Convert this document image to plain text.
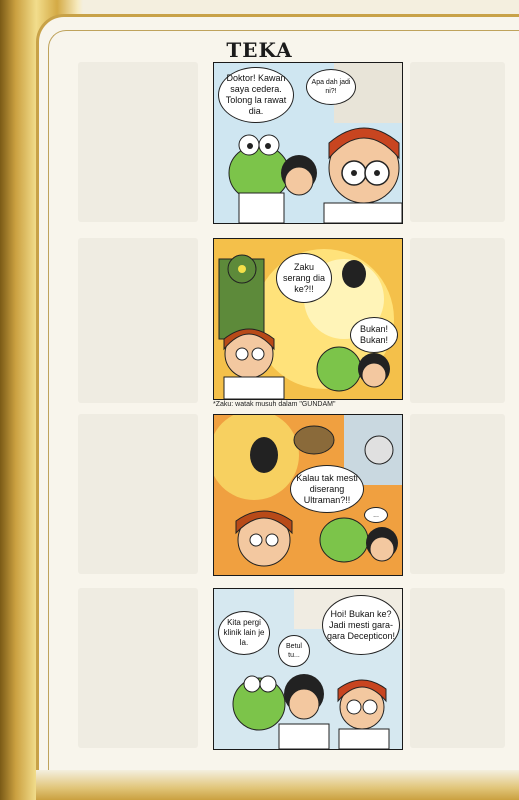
TEKA
Doktor! Kawan saya cedera. Tolong la rawat dia.
Apa dah jadi ni?!
Zaku serang dia ke?!!
Bukan! Bukan!
*Zaku: watak musuh dalam "GUNDAM"
Kalau tak mesti diserang Ultraman?!!
...
Kita pergi klinik lain je la.	Betul tu...
Hoi! Bukan ke? Jadi mesti gara-gara Decepticon!
